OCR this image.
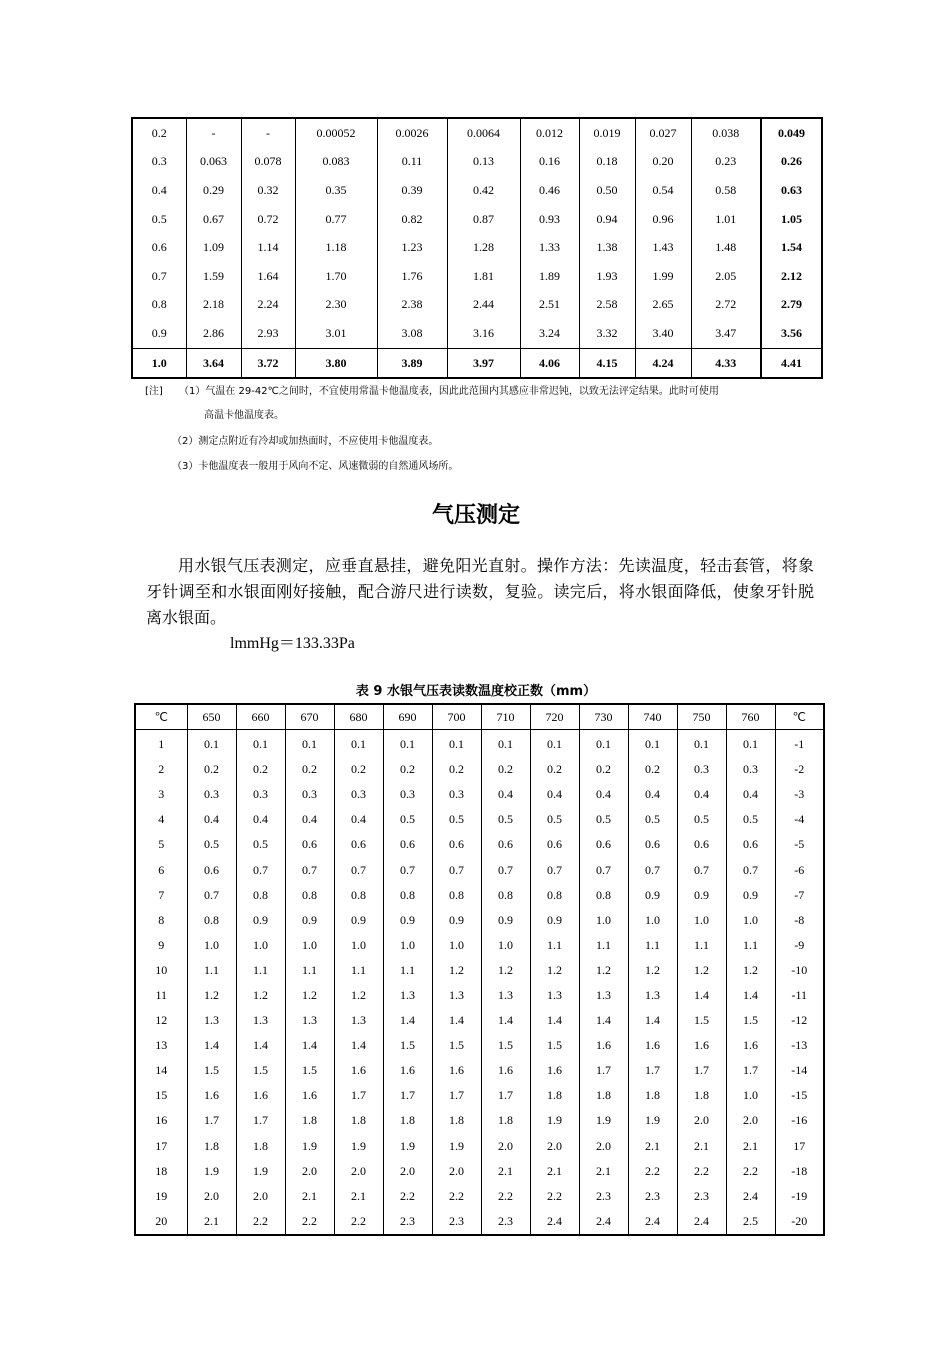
0.2	-	-	0.00052	0.0026	0.0064	0.012	0.019	0.027	0.038	0.049
0.3	0.063	0.078	0.083	0.11	0.13	0.16	0.18	0.20	0.23	0.26
0.4	0.29	0.32	0.35	0.39	0.42	0.46	0.50	0.54	0.58	0.63
0.5	0.67	0.72	0.77	0.82	0.87	0.93	0.94	0.96	1.01	1.05
0.6	1.09	1.14	1.18	1.23	1.28	1.33	1.38	1.43	1.48	1.54
0.7	1.59	1.64	1.70	1.76	1.81	1.89	1.93	1.99	2.05	2.12
0.8	2.18	2.24	2.30	2.38	2.44	2.51	2.58	2.65	2.72	2.79
0.9	2.86	2.93	3.01	3.08	3.16	3.24	3.32	3.40	3.47	3.56
1.0	3.64	3.72	3.80	3.89	3.97	4.06	4.15	4.24	4.33	4.41
[注] （1）气温在 29-42℃之间时，不宜使用常温卡他温度表，因此此范围内其感应非常迟钝，以致无法评定结果。此时可使用
高温卡他温度表。
（2）测定点附近有冷却或加热面时，不应使用卡他温度表。
（3）卡他温度表一般用于风向不定、风速微弱的自然通风场所。
气压测定
用水银气压表测定，应垂直悬挂，避免阳光直射。操作方法：先读温度，轻击套管，将象牙针调至和水银面刚好接触，配合游尺进行读数，复验。读完后，将水银面降低，使象牙针脱离水银面。
lmmHg＝133.33Pa
表 9 水银气压表读数温度校正数（mm）
℃	650	660	670	680	690	700	710	720	730	740	750	760	℃
1	0.1	0.1	0.1	0.1	0.1	0.1	0.1	0.1	0.1	0.1	0.1	0.1	-1
2	0.2	0.2	0.2	0.2	0.2	0.2	0.2	0.2	0.2	0.2	0.3	0.3	-2
3	0.3	0.3	0.3	0.3	0.3	0.3	0.4	0.4	0.4	0.4	0.4	0.4	-3
4	0.4	0.4	0.4	0.4	0.5	0.5	0.5	0.5	0.5	0.5	0.5	0.5	-4
5	0.5	0.5	0.6	0.6	0.6	0.6	0.6	0.6	0.6	0.6	0.6	0.6	-5
6	0.6	0.7	0.7	0.7	0.7	0.7	0.7	0.7	0.7	0.7	0.7	0.7	-6
7	0.7	0.8	0.8	0.8	0.8	0.8	0.8	0.8	0.8	0.9	0.9	0.9	-7
8	0.8	0.9	0.9	0.9	0.9	0.9	0.9	0.9	1.0	1.0	1.0	1.0	-8
9	1.0	1.0	1.0	1.0	1.0	1.0	1.0	1.1	1.1	1.1	1.1	1.1	-9
10	1.1	1.1	1.1	1.1	1.1	1.2	1.2	1.2	1.2	1.2	1.2	1.2	-10
11	1.2	1.2	1.2	1.2	1.3	1.3	1.3	1.3	1.3	1.3	1.4	1.4	-11
12	1.3	1.3	1.3	1.3	1.4	1.4	1.4	1.4	1.4	1.4	1.5	1.5	-12
13	1.4	1.4	1.4	1.4	1.5	1.5	1.5	1.5	1.6	1.6	1.6	1.6	-13
14	1.5	1.5	1.5	1.6	1.6	1.6	1.6	1.6	1.7	1.7	1.7	1.7	-14
15	1.6	1.6	1.6	1.7	1.7	1.7	1.7	1.8	1.8	1.8	1.8	1.0	-15
16	1.7	1.7	1.8	1.8	1.8	1.8	1.8	1.9	1.9	1.9	2.0	2.0	-16
17	1.8	1.8	1.9	1.9	1.9	1.9	2.0	2.0	2.0	2.1	2.1	2.1	17
18	1.9	1.9	2.0	2.0	2.0	2.0	2.1	2.1	2.1	2.2	2.2	2.2	-18
19	2.0	2.0	2.1	2.1	2.2	2.2	2.2	2.2	2.3	2.3	2.3	2.4	-19
20	2.1	2.2	2.2	2.2	2.3	2.3	2.3	2.4	2.4	2.4	2.4	2.5	-20
